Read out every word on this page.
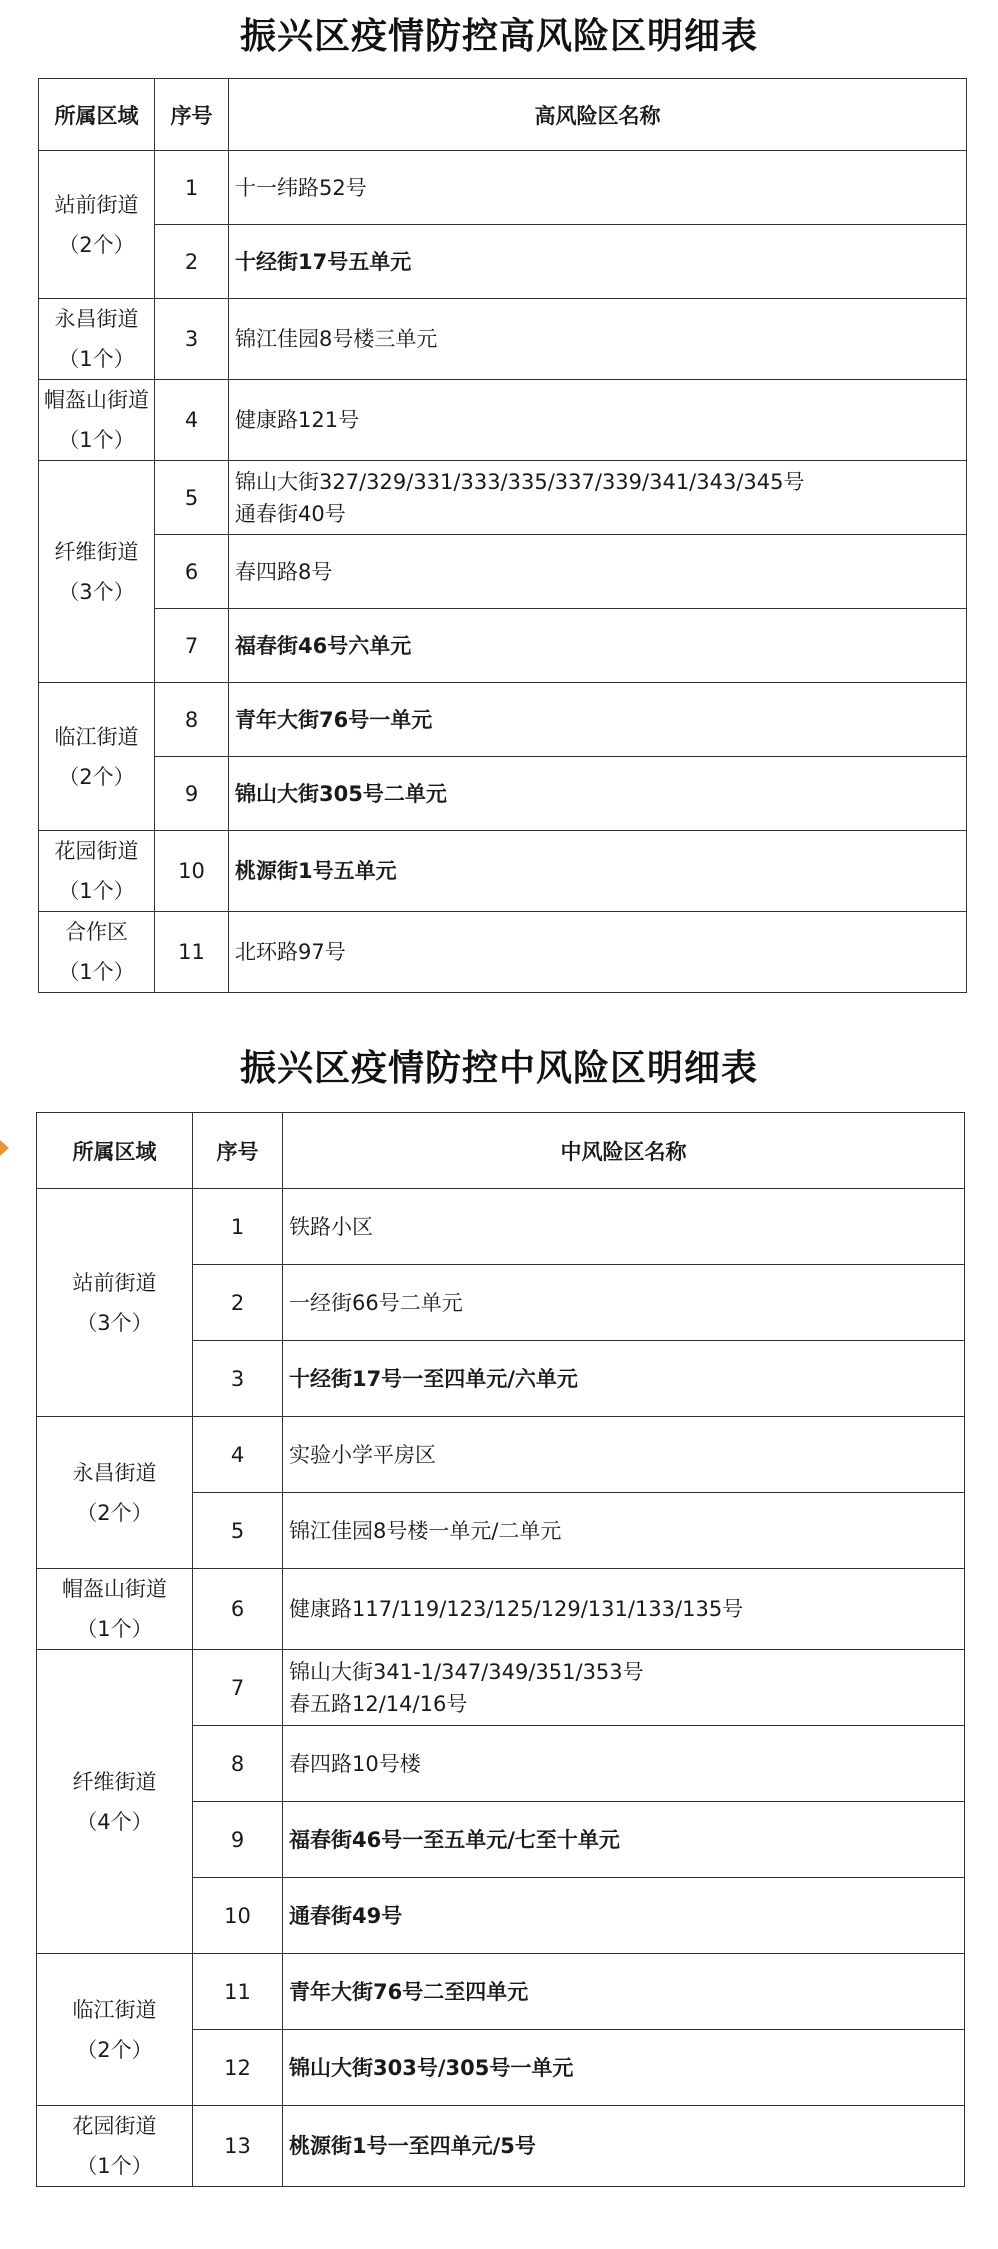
振兴区疫情防控高风险区明细表
所属区域	序号	高风险区名称

站前街道
（2个）	1	十一纬路52号
	2	十经街17号五单元

永昌街道
（1个）	3	锦江佳园8号楼三单元

帽盔山街道
（1个）	4	健康路121号

纤维街道
（3个）	5	锦山大街327/329/331/333/335/337/339/341/343/345号
通春街40号

	6	春四路8号
	7	福春街46号六单元

临江街道
（2个）	8	青年大街76号一单元
	9	锦山大街305号二单元

花园街道
（1个）	10	桃源街1号五单元

合作区
（1个）	11	北环路97号
振兴区疫情防控中风险区明细表
所属区域	序号	中风险区名称

站前街道
（3个）	1	铁路小区
	2	一经街66号二单元
	3	十经街17号一至四单元/六单元

永昌街道
（2个）	4	实验小学平房区
	5	锦江佳园8号楼一单元/二单元

帽盔山街道
（1个）	6	健康路117/119/123/125/129/131/133/135号

纤维街道
（4个）	7	锦山大街341-1/347/349/351/353号
春五路12/14/16号

	8	春四路10号楼
	9	福春街46号一至五单元/七至十单元
	10	通春街49号

临江街道
（2个）	11	青年大街76号二至四单元
	12	锦山大街303号/305号一单元

花园街道
（1个）	13	桃源街1号一至四单元/5号
